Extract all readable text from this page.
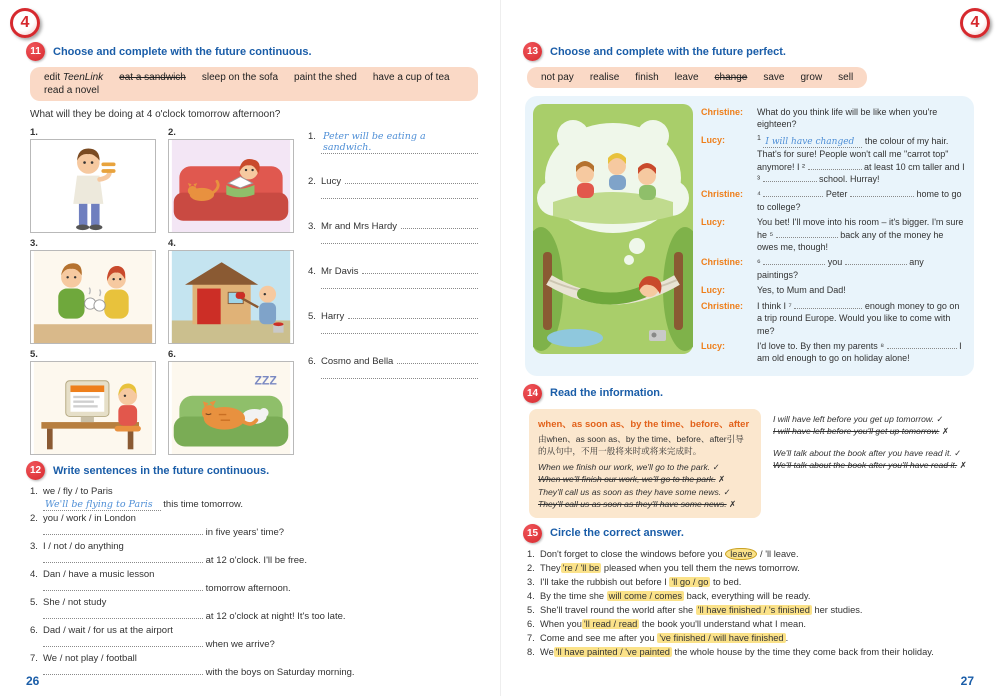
4
11	Choose and complete with the future continuous.
edit TeenLink eat a sandwich sleep on the sofa paint the shed have a cup of tea
read a novel
What will they be doing at 4 o'clock tomorrow afternoon?
1.	2.
3.	4.
5.	6.
ZZZ
1. Peter will be eating a sandwich.
2. Lucy
3. Mr and Mrs Hardy
4. Mr Davis
5. Harry
6. Cosmo and Bella
12	Write sentences in the future continuous.
1. we / fly / to Paris
We'll be flying to Paris this time tomorrow.
2. you / work / in London
in five years' time?
3. I / not / do anything
at 12 o'clock. I'll be free.
4. Dan / have a music lesson
tomorrow afternoon.
5. She / not study
at 12 o'clock at night! It's too late.
6. Dad / wait / for us at the airport
when we arrive?
7. We / not play / football
with the boys on Saturday morning.
26
4
13	Choose and complete with the future perfect.
not pay realise finish leave change save grow sell
Christine:	What do you think life will be like when you're eighteen?
Lucy:	$^1$ I will have changed the colour of my hair. That's for sure! People won't call me "carrot top" anymore! I ²	at least 10 cm taller and I ³	school. Hurray!
Christine:	⁴	Peter	home to go to college?
Lucy:	You bet! I'll move into his room – it's bigger. I'm sure he ⁵	back any of the money he owes me, though!
Christine:	⁶	you	any paintings?
Lucy:	Yes, to Mum and Dad!
Christine:	I think I ⁷	enough money to go on a trip round Europe. Would you like to come with me?
Lucy:	I'd love to. By then my parents ⁸	I am old enough to go on holiday alone!
14	Read the information.
when、as soon as、by the time、before、after
由when、as soon as、by the time、before、after引导的从句中，不用一般将来时或将来完成时。
When we finish our work, we'll go to the park. ✓
When we'll finish our work, we'll go to the park. ✗
They'll call us as soon as they have some news. ✓
They'll call us as soon as they'll have some news. ✗
I will have left before you get up tomorrow. ✓
I will have left before you'll get up tomorrow. ✗
We'll talk about the book after you have read it. ✓
We'll talk about the book after you'll have read it. ✗
15	Circle the correct answer.
1. Don't forget to close the windows before you leave / 'll leave.
2. They 're / 'll be pleased when you tell them the news tomorrow.
3. I'll take the rubbish out before I 'll go / go to bed.
4. By the time she will come / comes back, everything will be ready.
5. She'll travel round the world after she 'll have finished / 's finished her studies.
6. When you 'll read / read the book you'll understand what I mean.
7. Come and see me after you 've finished / will have finished .
8. We 'll have painted / 've painted the whole house by the time they come back from their holiday.
27
